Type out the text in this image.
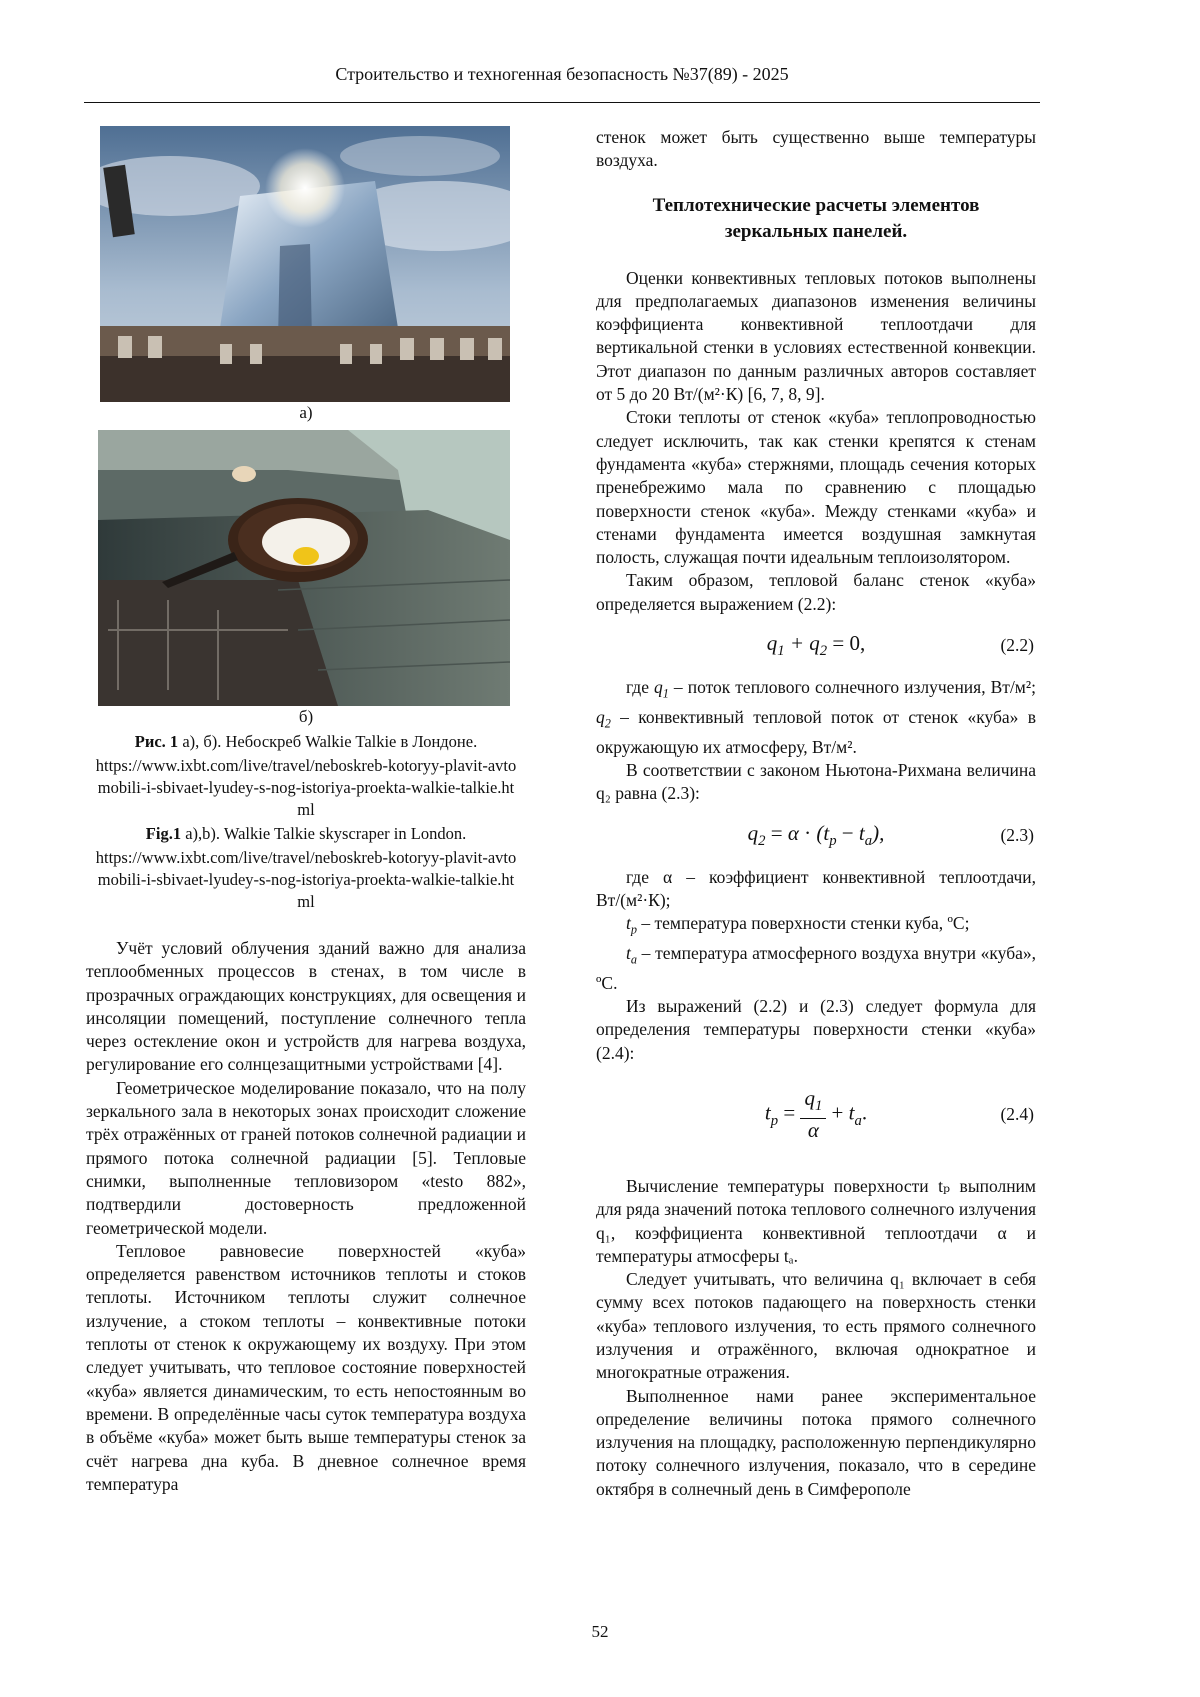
Строительство и техногенная безопасность №37(89) - 2025
а)
б)
Рис. 1 а), б). Небоскреб Walkie Talkie в Лондоне.
https://www.ixbt.com/live/travel/neboskreb-kotoryy-plavit-avtomobili-i-sbivaet-lyudey-s-nog-istoriya-proekta-walkie-talkie.html
Fig.1 a),b). Walkie Talkie skyscraper in London.
https://www.ixbt.com/live/travel/neboskreb-kotoryy-plavit-avtomobili-i-sbivaet-lyudey-s-nog-istoriya-proekta-walkie-talkie.html

Учёт условий облучения зданий важно для анализа теплообменных процессов в стенах, в том числе в прозрачных ограждающих конструкциях, для освещения и инсоляции помещений, поступление солнечного тепла через остекление окон и устройств для нагрева воздуха, регулирование его солнцезащитными устройствами [4].

Геометрическое моделирование показало, что на полу зеркального зала в некоторых зонах происходит сложение трёх отражённых от граней потоков солнечной радиации и прямого потока солнечной радиации [5]. Тепловые снимки, выполненные тепловизором «testo 882», подтвердили достоверность предложенной геометрической модели.

Тепловое равновесие поверхностей «куба» определяется равенством источников теплоты и стоков теплоты. Источником теплоты служит солнечное излучение, а стоком теплоты – конвективные потоки теплоты от стенок к окружающему их воздуху. При этом следует учитывать, что тепловое состояние поверхностей «куба» является динамическим, то есть непостоянным во времени. В определённые часы суток температура воздуха в объёме «куба» может быть выше температуры стенок за счёт нагрева дна куба. В дневное солнечное время температура

стенок может быть существенно выше температуры воздуха.

Теплотехнические расчеты элементов
зеркальных панелей.

Оценки конвективных тепловых потоков выполнены для предполагаемых диапазонов изменения величины коэффициента конвективной теплоотдачи для вертикальной стенки в условиях естественной конвекции. Этот диапазон по данным различных авторов составляет от 5 до 20 Вт/(м²·К) [6, 7, 8, 9].

Стоки теплоты от стенок «куба» теплопроводностью следует исключить, так как стенки крепятся к стенам фундамента «куба» стержнями, площадь сечения которых пренебрежимо мала по сравнению с площадью поверхности стенок «куба». Между стенками «куба» и стенами фундамента имеется воздушная замкнутая полость, служащая почти идеальным теплоизолятором.

Таким образом, тепловой баланс стенок «куба» определяется выражением (2.2):

$q_1 + q_2 = 0$,	(2.2)

где $q_1$ – поток теплового солнечного излучения, Вт/м²; $q_2$ – конвективный тепловой поток от стенок «куба» в окружающую их атмосферу, Вт/м².

В соответствии с законом Ньютона-Рихмана величина q₂ равна (2.3):

$q_2 = \alpha \cdot (t_p - t_a)$,	(2.3)

где α – коэффициент конвективной теплоотдачи, Вт/(м²·К);

$t_p$ – температура поверхности стенки куба, ºС;

$t_a$ – температура атмосферного воздуха внутри «куба», ºС.

Из выражений (2.2) и (2.3) следует формула для определения температуры поверхности стенки «куба» (2.4):

$t_p = \frac{q_1}{\alpha} + t_a$.	(2.4)

Вычисление температуры поверхности tₚ выполним для ряда значений потока теплового солнечного излучения q₁, коэффициента конвективной теплоотдачи α и температуры атмосферы tₐ.

Следует учитывать, что величина q₁ включает в себя сумму всех потоков падающего на поверхность стенки «куба» теплового излучения, то есть прямого солнечного излучения и отражённого, включая однократное и многократные отражения.

Выполненное нами ранее экспериментальное определение величины потока прямого солнечного излучения на площадку, расположенную перпендикулярно потоку солнечного излучения, показало, что в середине октября в солнечный день в Симферополе

52
